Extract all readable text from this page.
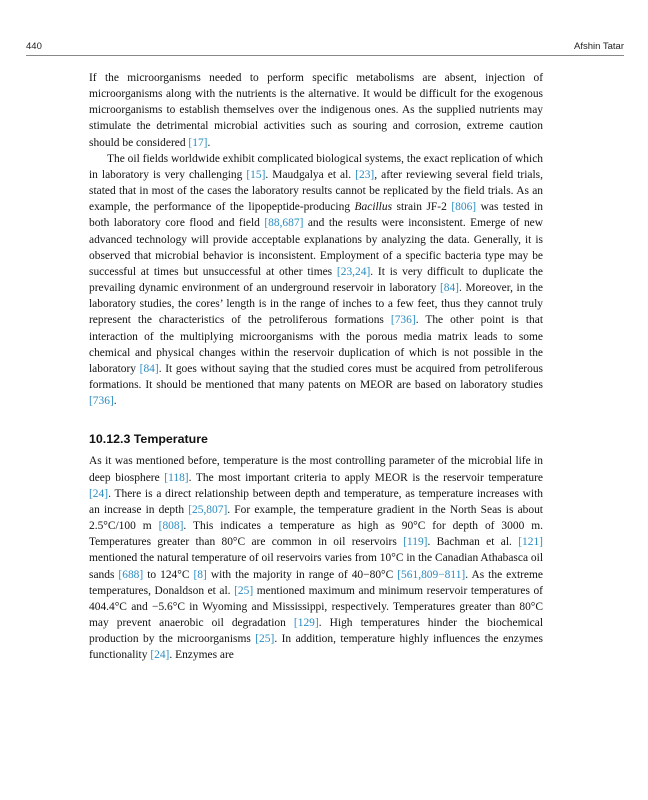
440	Afshin Tatar

If the microorganisms needed to perform specific metabolisms are absent, injection of microorganisms along with the nutrients is the alternative. It would be difficult for the exogenous microorganisms to establish themselves over the indigenous ones. As the supplied nutrients may stimulate the detrimental microbial activities such as souring and corrosion, extreme caution should be considered [17].

The oil fields worldwide exhibit complicated biological systems, the exact replication of which in laboratory is very challenging [15]. Maudgalya et al. [23], after reviewing several field trials, stated that in most of the cases the laboratory results cannot be replicated by the field trials. As an example, the performance of the lipopeptide-producing Bacillus strain JF-2 [806] was tested in both laboratory core flood and field [88,687] and the results were inconsistent. Emerge of new advanced technology will provide acceptable explanations by analyzing the data. Generally, it is observed that microbial behavior is inconsistent. Employment of a specific bacteria type may be successful at times but unsuccessful at other times [23,24]. It is very difficult to duplicate the prevailing dynamic environment of an underground reservoir in laboratory [84]. Moreover, in the laboratory studies, the cores’ length is in the range of inches to a few feet, thus they cannot truly represent the characteristics of the petroliferous formations [736]. The other point is that interaction of the multiplying microorganisms with the porous media matrix leads to some chemical and physical changes within the reservoir duplication of which is not possible in the laboratory [84]. It goes without saying that the studied cores must be acquired from petroliferous formations. It should be mentioned that many patents on MEOR are based on laboratory studies [736].

10.12.3 Temperature

As it was mentioned before, temperature is the most controlling parameter of the microbial life in deep biosphere [118]. The most important criteria to apply MEOR is the reservoir temperature [24]. There is a direct relationship between depth and temperature, as temperature increases with an increase in depth [25,807]. For example, the temperature gradient in the North Seas is about 2.5°C/100 m [808]. This indicates a temperature as high as 90°C for depth of 3000 m. Temperatures greater than 80°C are common in oil reservoirs [119]. Bachman et al. [121] mentioned the natural temperature of oil reservoirs varies from 10°C in the Canadian Athabasca oil sands [688] to 124°C [8] with the majority in range of 40−80°C [561,809−811]. As the extreme temperatures, Donaldson et al. [25] mentioned maximum and minimum reservoir temperatures of 404.4°C and −5.6°C in Wyoming and Mississippi, respectively. Temperatures greater than 80°C may prevent anaerobic oil degradation [129]. High temperatures hinder the biochemical production by the microorganisms [25]. In addition, temperature highly influences the enzymes functionality [24]. Enzymes are
